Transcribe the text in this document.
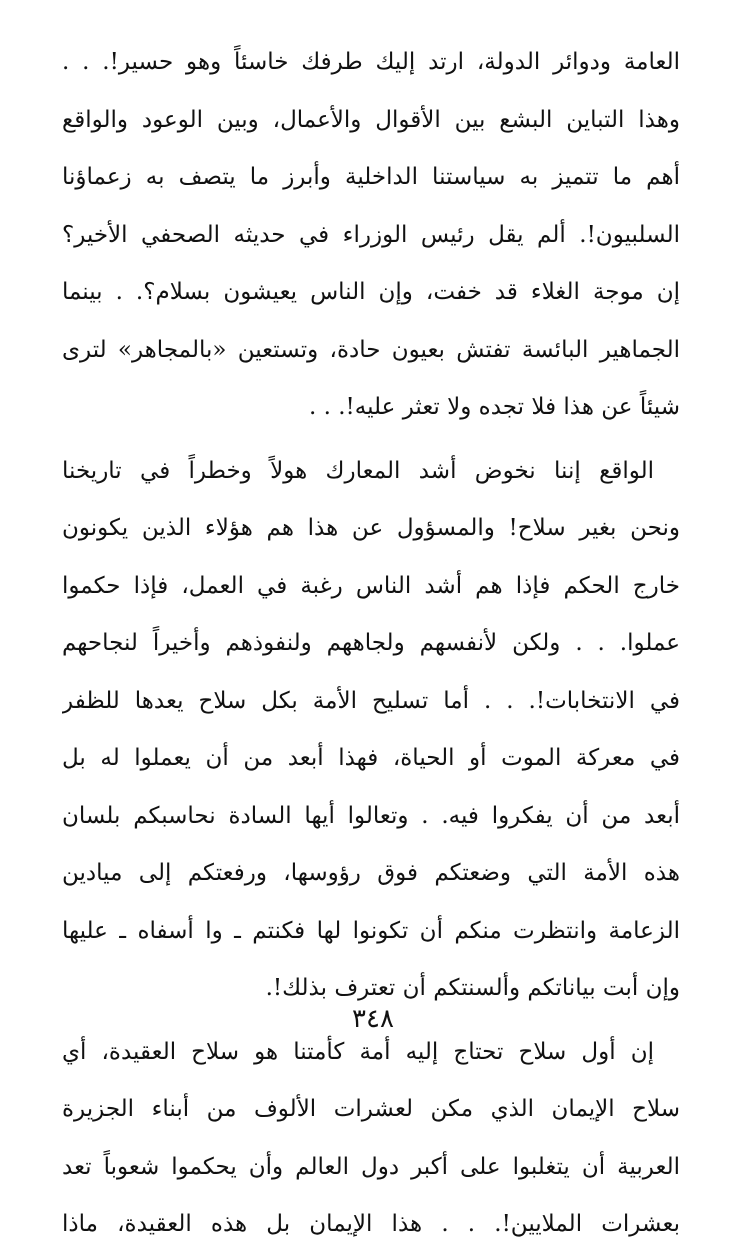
العامة ودوائر الدولة، ارتد إليك طرفك خاسئاً وهو حسير!. . .
وهذا التباين البشع بين الأقوال والأعمال، وبين الوعود والواقع
أهم ما تتميز به سياستنا الداخلية وأبرز ما يتصف به زعماؤنا
السلبيون!. ألم يقل رئيس الوزراء في حديثه الصحفي الأخير؟
إن موجة الغلاء قد خفت، وإن الناس يعيشون بسلام؟. . بينما
الجماهير البائسة تفتش بعيون حادة، وتستعين «بالمجاهر» لترى
شيئاً عن هذا فلا تجده ولا تعثر عليه!. . .
الواقع إننا نخوض أشد المعارك هولاً وخطراً في تاريخنا
ونحن بغير سلاح! والمسؤول عن هذا هم هؤلاء الذين يكونون
خارج الحكم فإذا هم أشد الناس رغبة في العمل، فإذا حكموا
عملوا. . . ولكن لأنفسهم ولجاههم ولنفوذهم وأخيراً لنجاحهم
في الانتخابات!. . . أما تسليح الأمة بكل سلاح يعدها للظفر
في معركة الموت أو الحياة، فهذا أبعد من أن يعملوا له بل
أبعد من أن يفكروا فيه. . وتعالوا أيها السادة نحاسبكم بلسان
هذه الأمة التي وضعتكم فوق رؤوسها، ورفعتكم إلى ميادين
الزعامة وانتظرت منكم أن تكونوا لها فكنتم ـ وا أسفاه ـ عليها
وإن أبت بياناتكم وألسنتكم أن تعترف بذلك!.
إن أول سلاح تحتاج إليه أمة كأمتنا هو سلاح العقيدة، أي
سلاح الإيمان الذي مكن لعشرات الألوف من أبناء الجزيرة
العربية أن يتغلبوا على أكبر دول العالم وأن يحكموا شعوباً تعد
بعشرات الملايين!. . . هذا الإيمان بل هذه العقيدة، ماذا
٣٤٨
